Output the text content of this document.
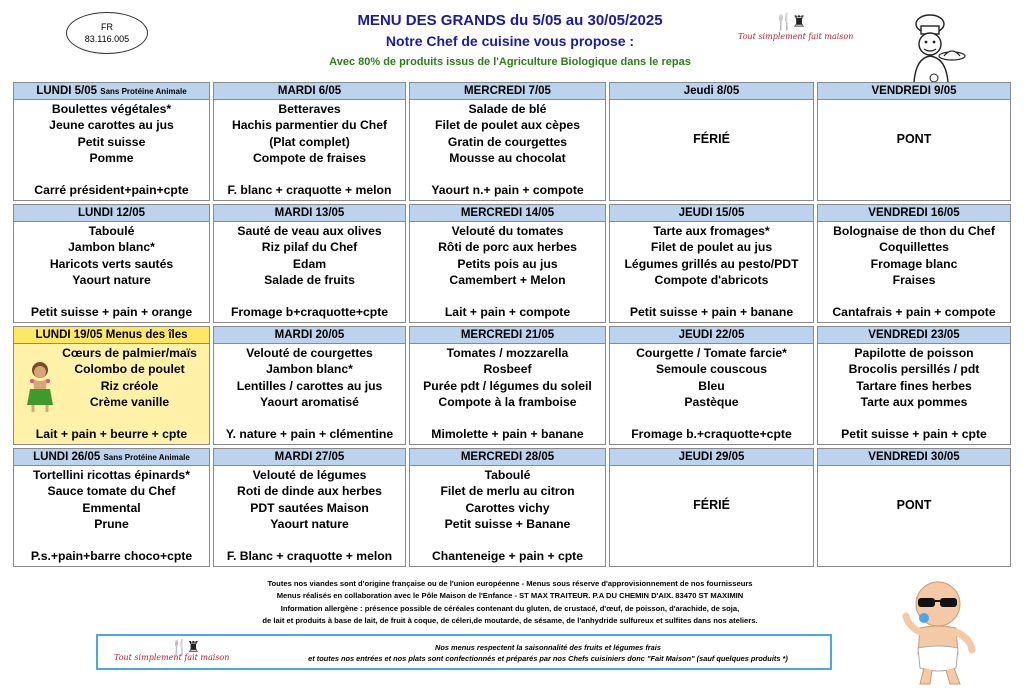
FR
83.116.005
MENU DES GRANDS du 5/05 au 30/05/2025
Notre Chef de cuisine vous propose :
Avec 80% de produits issus de l'Agriculture Biologique dans le repas
🍴♜
Tout simplement fait maison
LUNDI 5/05 Sans Protéine Animale
Boulettes végétales*
Jeune carottes au jus
Petit suisse
Pomme
Carré président+pain+cpte
MARDI 6/05
Betteraves
Hachis parmentier du Chef
(Plat complet)
Compote de fraises
F. blanc + craquotte + melon
MERCREDI 7/05
Salade de blé
Filet de poulet aux cèpes
Gratin de courgettes
Mousse au chocolat
Yaourt n.+ pain + compote
Jeudi 8/05
FÉRIÉ
VENDREDI 9/05
PONT
LUNDI 12/05
Taboulé
Jambon blanc*
Haricots verts sautés
Yaourt nature
Petit suisse + pain + orange
MARDI 13/05
Sauté de veau aux olives
Riz pilaf du Chef
Edam
Salade de fruits
Fromage b+craquotte+cpte
MERCREDI 14/05
Velouté du tomates
Rôti de porc aux herbes
Petits pois au jus
Camembert + Melon
Lait + pain + compote
JEUDI 15/05
Tarte aux fromages*
Filet de poulet au jus
Légumes grillés au pesto/PDT
Compote d'abricots
Petit suisse + pain + banane
VENDREDI 16/05
Bolognaise de thon du Chef
Coquillettes
Fromage blanc
Fraises
Cantafrais + pain + compote
LUNDI 19/05 Menus des îles
Cœurs de palmier/maïs
Colombo de poulet
Riz créole
Crème vanille
Lait + pain + beurre + cpte
MARDI 20/05
Velouté de courgettes
Jambon blanc*
Lentilles / carottes au jus
Yaourt aromatisé
Y. nature + pain + clémentine
MERCREDI 21/05
Tomates / mozzarella
Rosbeef
Purée pdt / légumes du soleil
Compote à la framboise
Mimolette + pain + banane
JEUDI 22/05
Courgette / Tomate farcie*
Semoule couscous
Bleu
Pastèque
Fromage b.+craquotte+cpte
VENDREDI 23/05
Papilotte de poisson
Brocolis persillés / pdt
Tartare fines herbes
Tarte aux pommes
Petit suisse + pain + cpte
LUNDI 26/05 Sans Protéine Animale
Tortellini ricottas épinards*
Sauce tomate du Chef
Emmental
Prune
P.s.+pain+barre choco+cpte
MARDI 27/05
Velouté de légumes
Roti de dinde aux herbes
PDT sautées Maison
Yaourt nature
F. Blanc + craquotte + melon
MERCREDI 28/05
Taboulé
Filet de merlu au citron
Carottes vichy
Petit suisse + Banane
Chanteneige + pain + cpte
JEUDI 29/05
FÉRIÉ
VENDREDI 30/05
PONT
Toutes nos viandes sont d'origine française ou de l'union européenne - Menus sous réserve d'approvisionnement de nos fournisseurs
Menus réalisés en collaboration avec le Pôle Maison de l'Enfance - ST MAX TRAITEUR. P.A DU CHEMIN D'AIX. 83470 ST MAXIMIN
Information allergène : présence possible de céréales contenant du gluten, de crustacé, d'œuf, de poisson, d'arachide, de soja,
de lait et produits à base de lait, de fruit à coque, de céleri,de moutarde, de sésame, de l'anhydride sulfureux et sulfites dans nos ateliers.
🍴♜
Tout simplement fait maison
Nos menus respectent la saisonnalité des fruits et légumes frais
et toutes nos entrées et nos plats sont confectionnés et préparés par nos Chefs cuisiniers donc "Fait Maison" (sauf quelques produits *)
